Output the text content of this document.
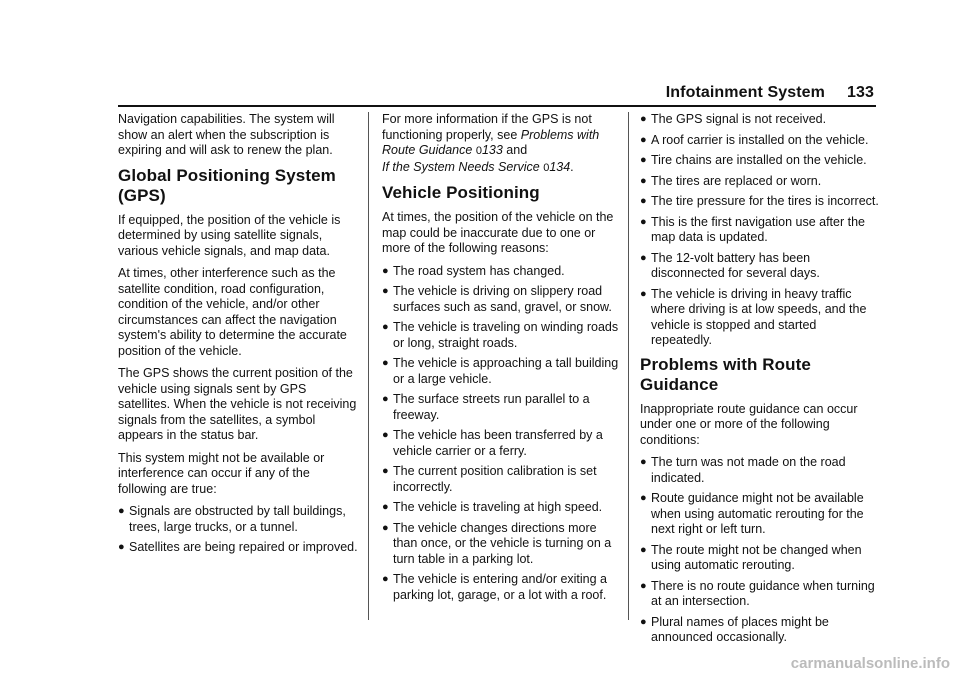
Infotainment System 133

Navigation capabilities. The system will show an alert when the subscription is expiring and will ask to renew the plan.

Global Positioning System (GPS)

If equipped, the position of the vehicle is determined by using satellite signals, various vehicle signals, and map data.

At times, other interference such as the satellite condition, road configuration, condition of the vehicle, and/or other circumstances can affect the navigation system's ability to determine the accurate position of the vehicle.

The GPS shows the current position of the vehicle using signals sent by GPS satellites. When the vehicle is not receiving signals from the satellites, a symbol appears in the status bar.

This system might not be available or interference can occur if any of the following are true:

● Signals are obstructed by tall buildings, trees, large trucks, or a tunnel.
● Satellites are being repaired or improved.

For more information if the GPS is not functioning properly, see Problems with Route Guidance 0133 and
If the System Needs Service 0134.

Vehicle Positioning

At times, the position of the vehicle on the map could be inaccurate due to one or more of the following reasons:

● The road system has changed.
● The vehicle is driving on slippery road surfaces such as sand, gravel, or snow.
● The vehicle is traveling on winding roads or long, straight roads.
● The vehicle is approaching a tall building or a large vehicle.
● The surface streets run parallel to a freeway.
● The vehicle has been transferred by a vehicle carrier or a ferry.
● The current position calibration is set incorrectly.
● The vehicle is traveling at high speed.
● The vehicle changes directions more than once, or the vehicle is turning on a turn table in a parking lot.
● The vehicle is entering and/or exiting a parking lot, garage, or a lot with a roof.
● The GPS signal is not received.
● A roof carrier is installed on the vehicle.
● Tire chains are installed on the vehicle.
● The tires are replaced or worn.
● The tire pressure for the tires is incorrect.
● This is the first navigation use after the map data is updated.
● The 12-volt battery has been disconnected for several days.
● The vehicle is driving in heavy traffic where driving is at low speeds, and the vehicle is stopped and started repeatedly.
Problems with Route Guidance

Inappropriate route guidance can occur under one or more of the following conditions:

● The turn was not made on the road indicated.
● Route guidance might not be available when using automatic rerouting for the next right or left turn.
● The route might not be changed when using automatic rerouting.
● There is no route guidance when turning at an intersection.
● Plural names of places might be announced occasionally.
carmanualsonline.info
